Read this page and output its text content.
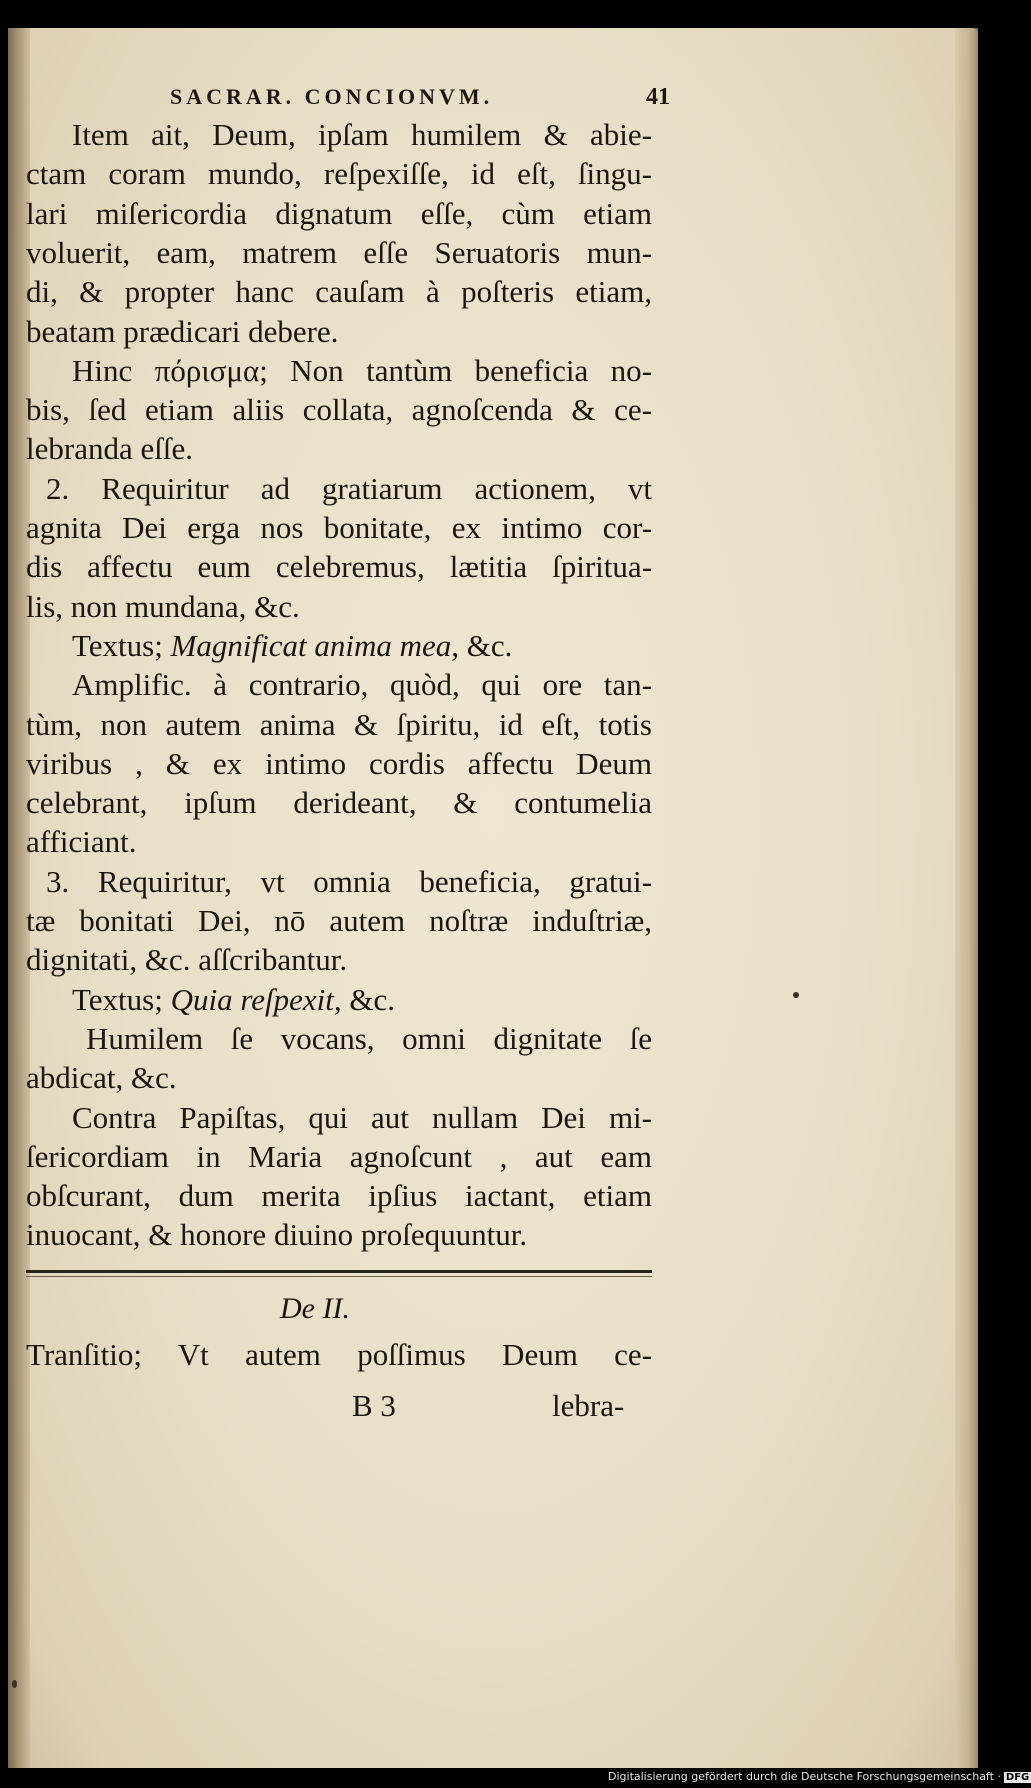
SACRAR. CONCIONVM.	41
Item ait, Deum, ipſam humilem & abie-
ctam coram mundo, reſpexiſſe, id eſt, ſingu-
lari miſericordia dignatum eſſe, cùm etiam
voluerit, eam, matrem eſſe Seruatoris mun-
di, & propter hanc cauſam à poſteris etiam,
beatam prædicari debere.
Hinc πόρισμα; Non tantùm beneficia no-
bis, ſed etiam aliis collata, agnoſcenda & ce-
lebranda eſſe.
2. Requiritur ad gratiarum actionem, vt
agnita Dei erga nos bonitate, ex intimo cor-
dis affectu eum celebremus, lætitia ſpiritua-
lis, non mundana, &c.
Textus; Magnificat anima mea, &c.
Amplific. à contrario, quòd, qui ore tan-
tùm, non autem anima & ſpiritu, id eſt, totis
viribus , & ex intimo cordis affectu Deum
celebrant, ipſum derideant, & contumelia
afficiant.
3. Requiritur, vt omnia beneficia, gratui-
tæ bonitati Dei, nō autem noſtræ induſtriæ,
dignitati, &c. aſſcribantur.
Textus; Quia reſpexit, &c.
Humilem ſe vocans, omni dignitate ſe
abdicat, &c.
Contra Papiſtas, qui aut nullam Dei mi-
ſericordiam in Maria agnoſcunt , aut eam
obſcurant, dum merita ipſius iactant, etiam
inuocant, & honore diuino proſequuntur.
De II.
Tranſitio; Vt autem poſſimus Deum ce-
B 3	lebra-
Digitalisierung gefördert durch die Deutsche Forschungsgemeinschaft · DFG
